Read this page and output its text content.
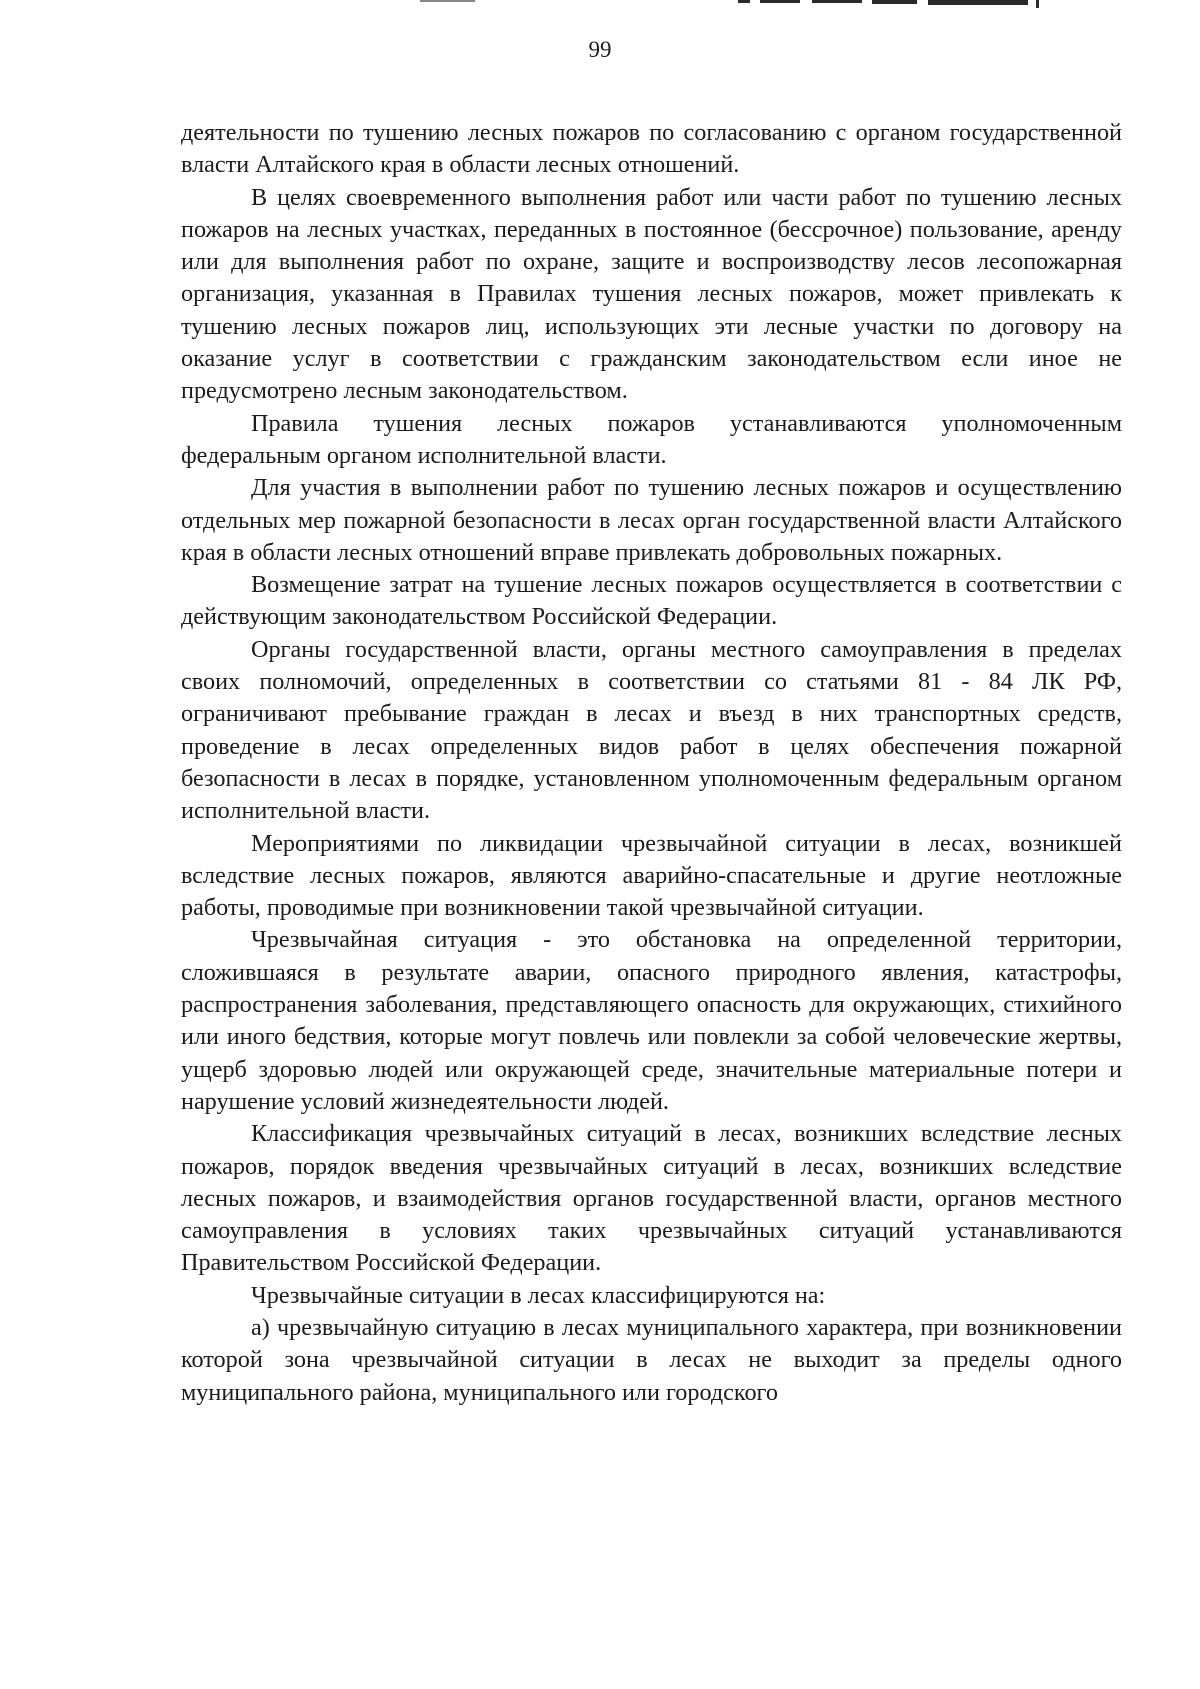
99

деятельности по тушению лесных пожаров по согласованию с органом государственной власти Алтайского края в области лесных отношений.

В целях своевременного выполнения работ или части работ по тушению лесных пожаров на лесных участках, переданных в постоянное (бессрочное) пользование, аренду или для выполнения работ по охране, защите и воспроизводству лесов лесопожарная организация, указанная в Правилах тушения лесных пожаров, может привлекать к тушению лесных пожаров лиц, использующих эти лесные участки по договору на оказание услуг в соответствии с гражданским законодательством если иное не предусмотрено лесным законодательством.

Правила тушения лесных пожаров устанавливаются уполномоченным федеральным органом исполнительной власти.

Для участия в выполнении работ по тушению лесных пожаров и осуществлению отдельных мер пожарной безопасности в лесах орган государственной власти Алтайского края в области лесных отношений вправе привлекать добровольных пожарных.

Возмещение затрат на тушение лесных пожаров осуществляется в соответствии с действующим законодательством Российской Федерации.

Органы государственной власти, органы местного самоуправления в пределах своих полномочий, определенных в соответствии со статьями 81 - 84 ЛК РФ, ограничивают пребывание граждан в лесах и въезд в них транспортных средств, проведение в лесах определенных видов работ в целях обеспечения пожарной безопасности в лесах в порядке, установленном уполномоченным федеральным органом исполнительной власти.

Мероприятиями по ликвидации чрезвычайной ситуации в лесах, возникшей вследствие лесных пожаров, являются аварийно-спасательные и другие неотложные работы, проводимые при возникновении такой чрезвычайной ситуации.

Чрезвычайная ситуация - это обстановка на определенной территории, сложившаяся в результате аварии, опасного природного явления, катастрофы, распространения заболевания, представляющего опасность для окружающих, стихийного или иного бедствия, которые могут повлечь или повлекли за собой человеческие жертвы, ущерб здоровью людей или окружающей среде, значительные материальные потери и нарушение условий жизнедеятельности людей.

Классификация чрезвычайных ситуаций в лесах, возникших вследствие лесных пожаров, порядок введения чрезвычайных ситуаций в лесах, возникших вследствие лесных пожаров, и взаимодействия органов государственной власти, органов местного самоуправления в условиях таких чрезвычайных ситуаций устанавливаются Правительством Российской Федерации.

Чрезвычайные ситуации в лесах классифицируются на:

а) чрезвычайную ситуацию в лесах муниципального характера, при возникновении которой зона чрезвычайной ситуации в лесах не выходит за пределы одного муниципального района, муниципального или городского
